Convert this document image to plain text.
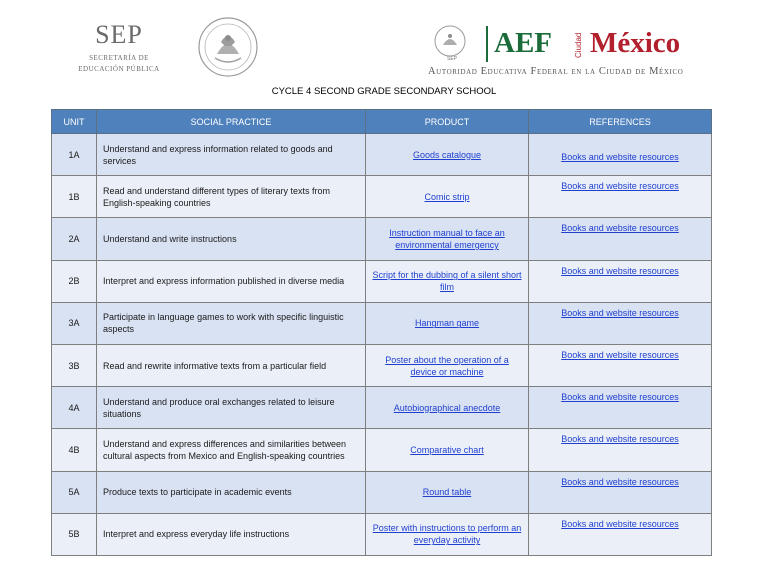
SEP
SECRETARÍA DE
EDUCACIÓN PÚBLICA
SEP	AEF	Ciudad México
Autoridad Educativa Federal en la Ciudad de México
CYCLE 4 SECOND GRADE SECONDARY SCHOOL
UNIT	SOCIAL PRACTICE	PRODUCT	REFERENCES
1A	Understand and express information related to goods and services	Goods catalogue	Books and website resources
1B	Read and understand different types of literary texts from English-speaking countries	Comic strip	Books and website resources
2A	Understand and write instructions	Instruction manual to face an environmental emergency	Books and website resources
2B	Interpret and express information published in diverse media	Script for the dubbing of a silent short film	Books and website resources
3A	Participate in language games to work with specific linguistic aspects	Hangman game	Books and website resources
3B	Read and rewrite informative texts from a particular field	Poster about the operation of a device or machine	Books and website resources
4A	Understand and produce oral exchanges related to leisure situations	Autobiographical anecdote	Books and website resources
4B	Understand and express differences and similarities between cultural aspects from Mexico and English-speaking countries	Comparative chart	Books and website resources
5A	Produce texts to participate in academic events	Round table	Books and website resources
5B	Interpret and express everyday life instructions	Poster with instructions to perform an everyday activity	Books and website resources
